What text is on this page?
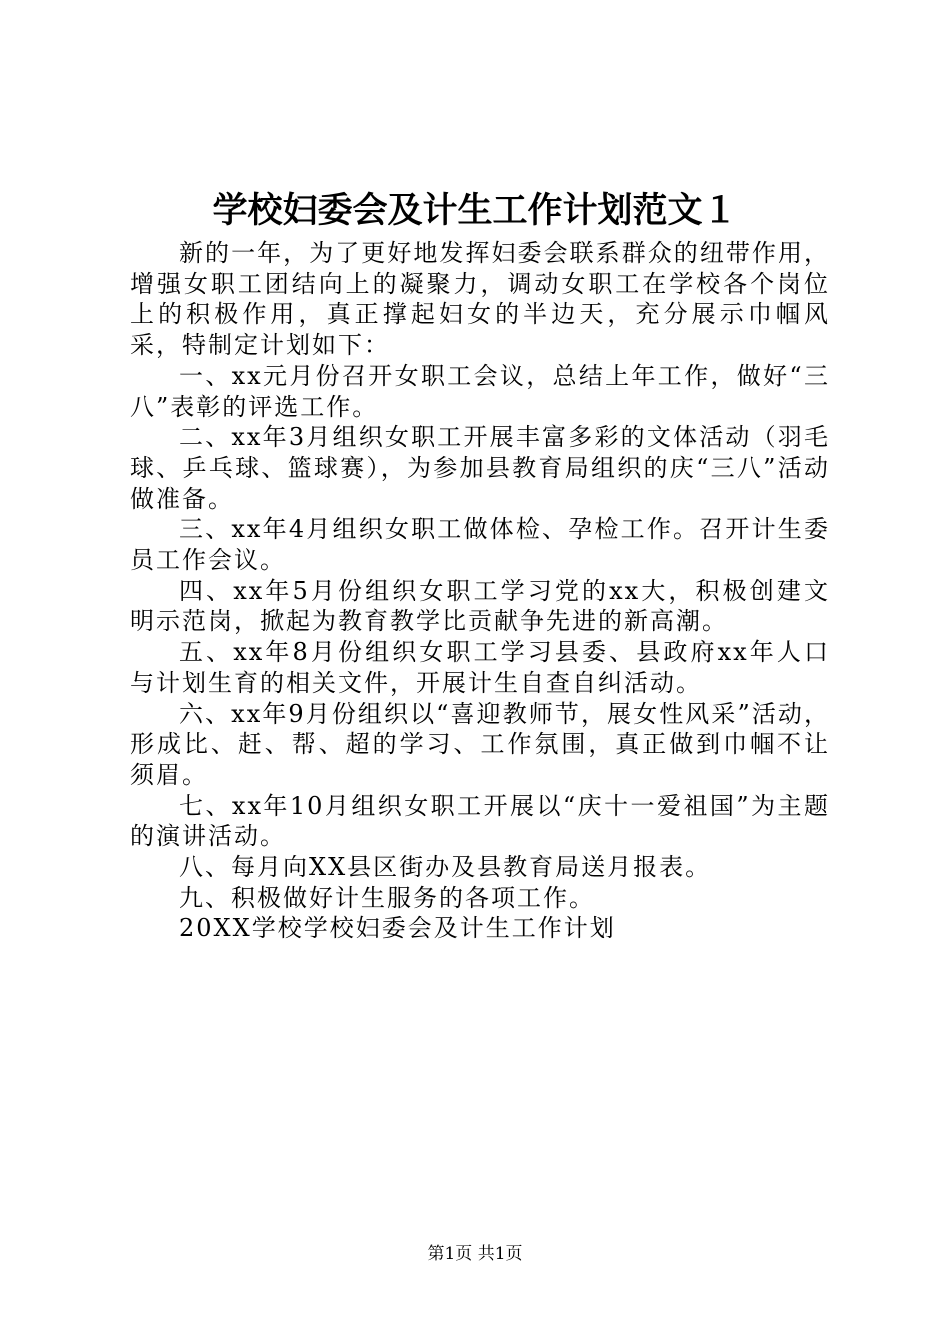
学校妇委会及计生工作计划范文１

新的一年，为了更好地发挥妇委会联系群众的纽带作用，增强女职工团结向上的凝聚力，调动女职工在学校各个岗位上的积极作用，真正撑起妇女的半边天，充分展示巾帼风采，特制定计划如下：

一、xx元月份召开女职工会议，总结上年工作，做好“三八”表彰的评选工作。

二、xx年3月组织女职工开展丰富多彩的文体活动（羽毛球、乒乓球、篮球赛），为参加县教育局组织的庆“三八”活动做准备。

三、xx年4月组织女职工做体检、孕检工作。召开计生委员工作会议。

四、xx年5月份组织女职工学习党的xx大，积极创建文明示范岗，掀起为教育教学比贡献争先进的新高潮。

五、xx年8月份组织女职工学习县委、县政府xx年人口与计划生育的相关文件，开展计生自查自纠活动。

六、xx年9月份组织以“喜迎教师节，展女性风采”活动，形成比、赶、帮、超的学习、工作氛围，真正做到巾帼不让须眉。

七、xx年10月组织女职工开展以“庆十一爱祖国”为主题的演讲活动。

八、每月向XX县区街办及县教育局送月报表。

九、积极做好计生服务的各项工作。

20XX学校学校妇委会及计生工作计划

第1页 共1页
